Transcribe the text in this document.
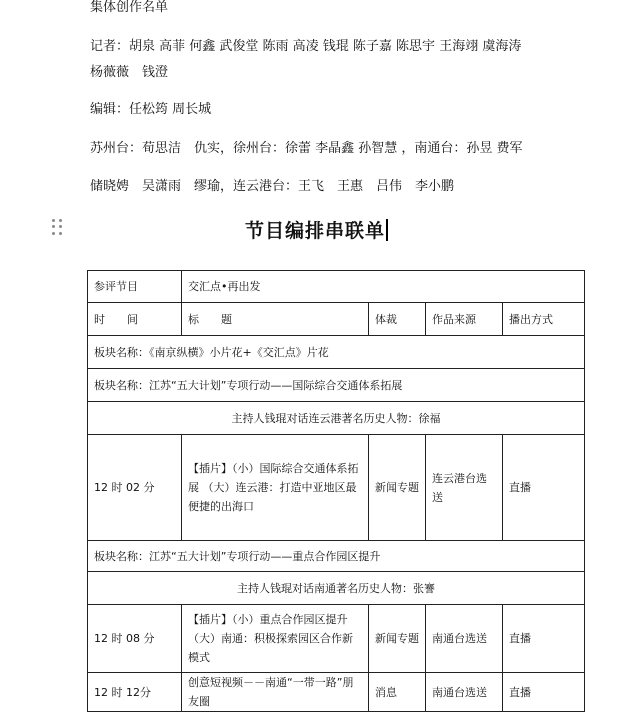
集体创作名单
记者：胡泉 高菲 何鑫 武俊堂 陈雨 高凌 钱琨 陈子嘉 陈思宇 王海翊 虞海涛
杨薇薇　钱澄
编辑：任松筠 周长城
苏州台：荀思洁　仇实，徐州台：徐蕾 李晶鑫 孙智慧 ，南通台：孙昱 费军
储晓娉　吴潇雨　缪瑜，连云港台：王飞　王惠　吕伟　李小鹏
节目编排串联单
参评节目	交汇点•再出发			
时　　间	标　　题	体裁	作品来源	播出方式
板块名称：《南京纵横》小片花+《交汇点》片花				
板块名称：江苏“五大计划”专项行动——国际综合交通体系拓展				
主持人钱琨对话连云港著名历史人物：徐福				
12 时 02 分	【插片】（小）国际综合交通体系拓展 （大）连云港：打造中亚地区最便捷的出海口	新闻专题	连云港台选送	直播
板块名称：江苏“五大计划”专项行动——重点合作园区提升				
主持人钱琨对话南通著名历史人物：张謇				
12 时 08 分	【插片】（小）重点合作园区提升　（大）南通：积极探索园区合作新模式	新闻专题	南通台选送	直播
12 时 12分	创意短视频－－南通“一带一路”朋友圈	消息	南通台选送	直播
